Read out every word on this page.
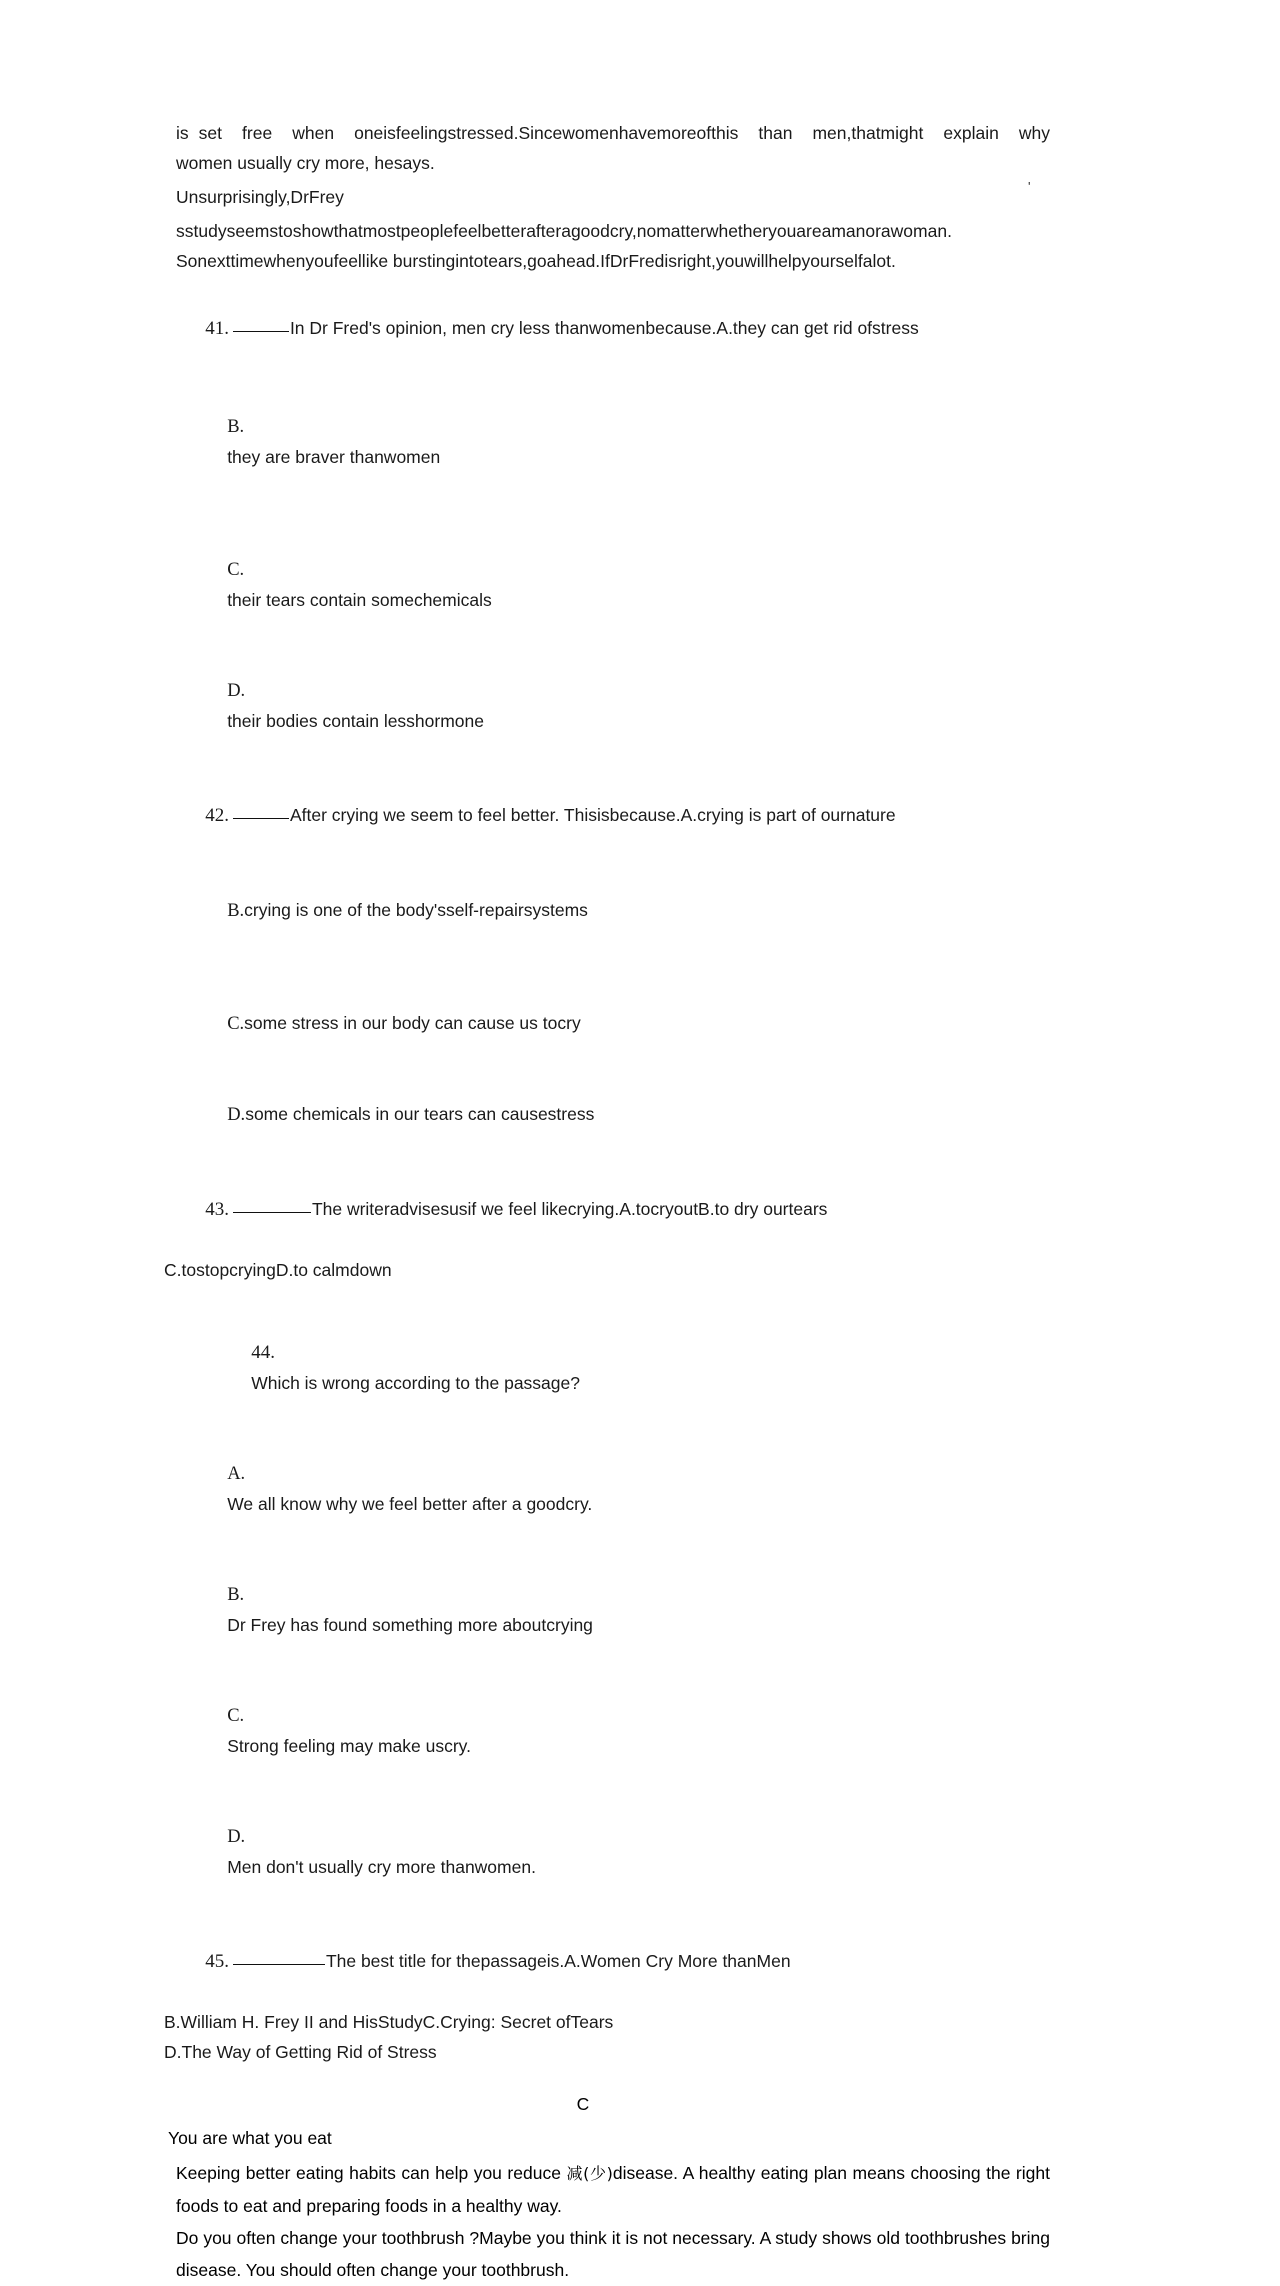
'
is set  free  when  oneisfeelingstressed.Sincewomenhavemoreofthis  than  men,thatmight  explain  why
women usually cry more, hesays.
Unsurprisingly,DrFrey
sstudyseemstoshowthatmostpeoplefeelbetterafteragoodcry,nomatterwhetheryouareamanorawoman.
Sonexttimewhenyoufeellike burstingintotears,goahead.IfDrFredisright,youwillhelpyourselfalot.

41.	In Dr Fred's opinion, men cry less thanwomenbecause.A.they can get rid ofstress

B.
they are braver thanwomen

C.
their tears contain somechemicals

D.
their bodies contain lesshormone

42.	After crying we seem to feel better. Thisisbecause.A.crying is part of ournature

B.crying is one of the body'sself-repairsystems

C.some stress in our body can cause us tocry

D.some chemicals in our tears can causestress

43.	The writeradvisesusif we feel likecrying.A.tocryoutB.to dry ourtears

C.tostopcryingD.to calmdown

44.
Which is wrong according to the passage?

A.
We all know why we feel better after a goodcry.

B.
Dr Frey has found something more aboutcrying

C.
Strong feeling may make uscry.

D.
Men don't usually cry more thanwomen.

45.	The best title for thepassageis.A.Women Cry More thanMen

B.William H. Frey II and HisStudyC.Crying: Secret ofTears
D.The Way of Getting Rid of Stress
C
You are what you eat
Keeping better eating habits can help you reduce 减(少)disease. A healthy eating plan means choosing the right foods to eat and preparing foods in a healthy way.
Do you often change your toothbrush ?Maybe you think it is not necessary. A study shows old toothbrushes bring disease. You should often change your toothbrush.
